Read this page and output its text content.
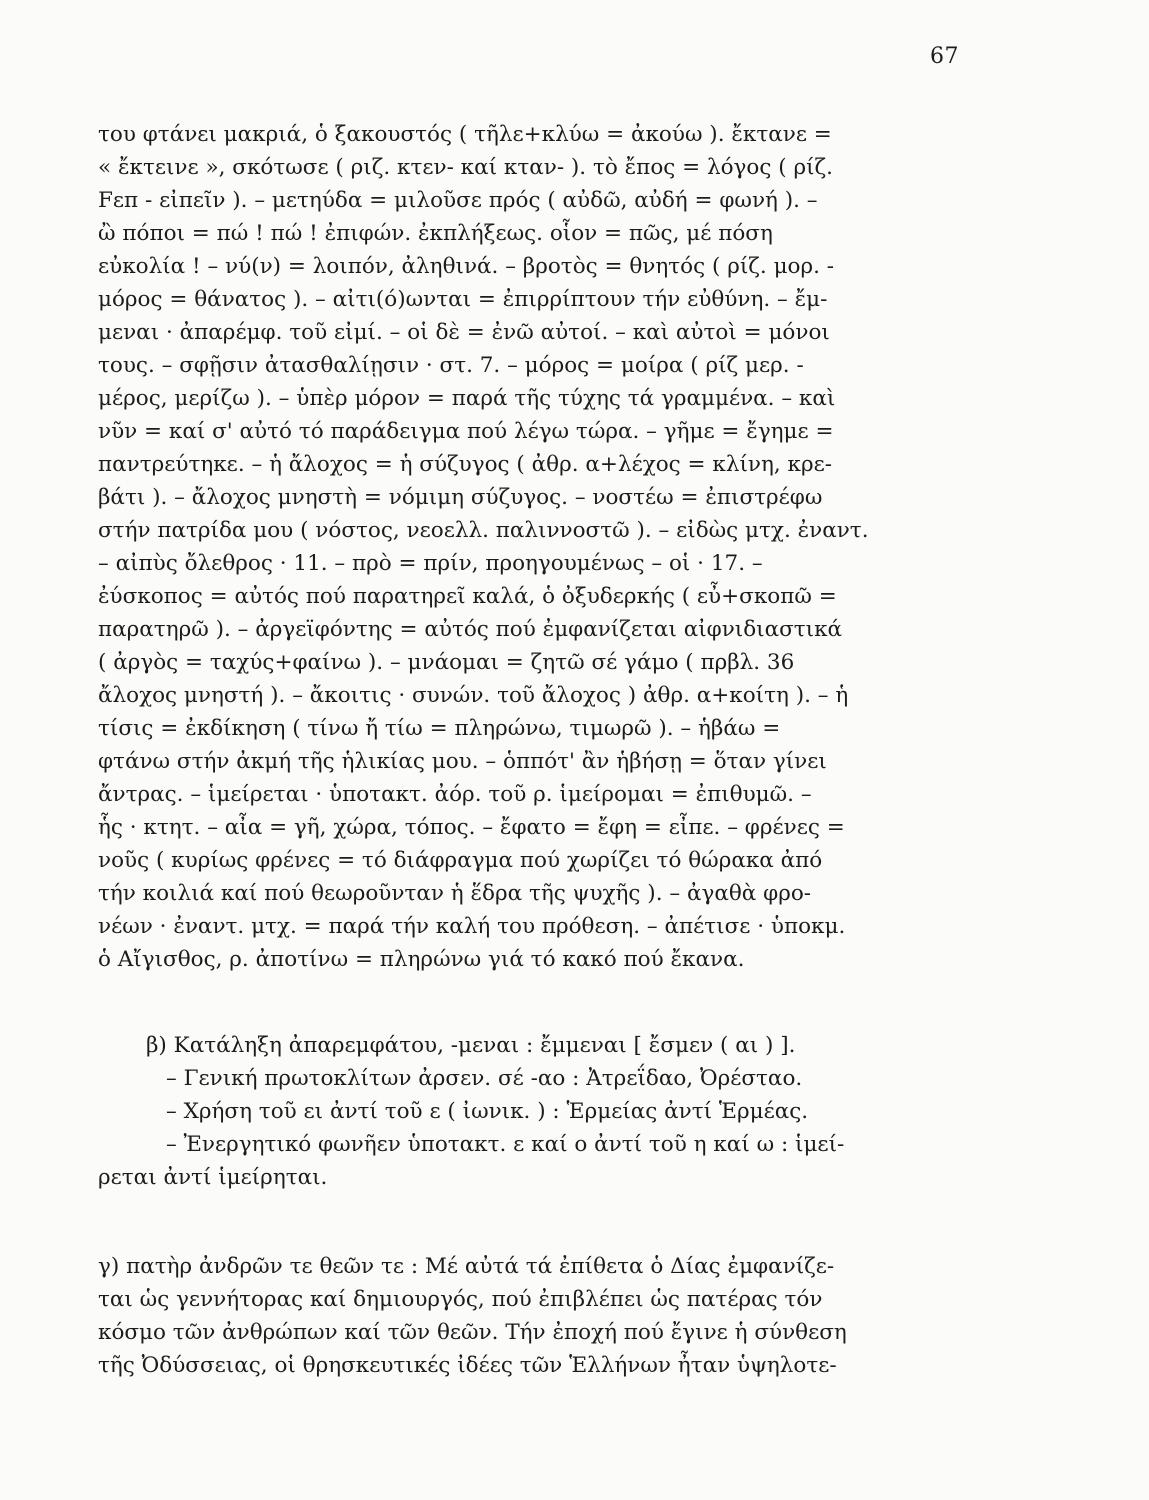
67
του φτάνει μακριά, ὁ ξακουστός ( τῆλε+κλύω = ἀκούω ). ἔκτανε =
« ἔκτεινε », σκότωσε ( ριζ. κτεν- καί κταν- ). τὸ ἔπος = λόγος ( ρίζ.
Fεπ - εἰπεῖν ). – μετηύδα = μιλοῦσε πρός ( αὐδῶ, αὐδή = φωνή ). –
ὢ πόποι = πώ ! πώ ! ἐπιφών. ἐκπλήξεως. οἷον = πῶς, μέ πόση
εὐκολία ! – νύ(ν) = λοιπόν, ἀληθινά. – βροτὸς = θνητός ( ρίζ. μορ. -
μόρος = θάνατος ). – αἰτι(ό)ωνται = ἐπιρρίπτουν τήν εὐθύνη. – ἔμ-
μεναι · ἀπαρέμφ. τοῦ εἰμί. – οἱ δὲ = ἐνῶ αὐτοί. – καὶ αὐτοὶ = μόνοι
τους. – σφῇσιν ἀτασθαλίῃσιν · στ. 7. – μόρος = μοίρα ( ρίζ μερ. -
μέρος, μερίζω ). – ὑπὲρ μόρον = παρά τῆς τύχης τά γραμμένα. – καὶ
νῦν = καί σ' αὐτό τό παράδειγμα πού λέγω τώρα. – γῆμε = ἔγημε =
παντρεύτηκε. – ἡ ἄλοχος = ἡ σύζυγος ( ἀθρ. α+λέχος = κλίνη, κρε-
βάτι ). – ἄλοχος μνηστὴ = νόμιμη σύζυγος. – νοστέω = ἐπιστρέφω
στήν πατρίδα μου ( νόστος, νεοελλ. παλιννοστῶ ). – εἰδὼς μτχ. ἐναντ.
– αἰπὺς ὄλεθρος · 11. – πρὸ = πρίν, προηγουμένως – οἱ · 17. –
ἐύσκοπος = αὐτός πού παρατηρεῖ καλά, ὁ ὀξυδερκής ( εὖ+σκοπῶ =
παρατηρῶ ). – ἀργεϊφόντης = αὐτός πού ἐμφανίζεται αἰφνιδιαστικά
( ἀργὸς = ταχύς+φαίνω ). – μνάομαι = ζητῶ σέ γάμο ( πρβλ. 36
ἄλοχος μνηστή ). – ἄκοιτις · συνών. τοῦ ἄλοχος ) ἀθρ. α+κοίτη ). – ἡ
τίσις = ἐκδίκηση ( τίνω ἤ τίω = πληρώνω, τιμωρῶ ). – ἡβάω =
φτάνω στήν ἀκμή τῆς ἡλικίας μου. – ὁππότ' ἂν ἡβήσῃ = ὅταν γίνει
ἄντρας. – ἱμείρεται · ὑποτακτ. ἀόρ. τοῦ ρ. ἱμείρομαι = ἐπιθυμῶ. –
ἧς · κτητ. – αἶα = γῆ, χώρα, τόπος. – ἔφατο = ἔφη = εἶπε. – φρένες =
νοῦς ( κυρίως φρένες = τό διάφραγμα πού χωρίζει τό θώρακα ἀπό
τήν κοιλιά καί πού θεωροῦνταν ἡ ἕδρα τῆς ψυχῆς ). – ἀγαθὰ φρο-
νέων · ἐναντ. μτχ. = παρά τήν καλή του πρόθεση. – ἀπέτισε · ὑποκμ.
ὁ Αἴγισθος, ρ. ἀποτίνω = πληρώνω γιά τό κακό πού ἔκανα.
β) Κατάληξη ἀπαρεμφάτου, -μεναι : ἔμμεναι [ ἔσμεν ( αι ) ].
– Γενική πρωτοκλίτων ἀρσεν. σέ -αο : Ἀτρεΐδαο, Ὀρέσταο.
– Χρήση τοῦ ει ἀντί τοῦ ε ( ἰωνικ. ) : Ἑρμείας ἀντί Ἑρμέας.
– Ἐνεργητικό φωνῆεν ὑποτακτ. ε καί ο ἀντί τοῦ η καί ω : ἱμεί-
ρεται ἀντί ἱμείρηται.
γ) πατὴρ ἀνδρῶν τε θεῶν τε : Μέ αὐτά τά ἐπίθετα ὁ Δίας ἐμφανίζε-
ται ὡς γεννήτορας καί δημιουργός, πού ἐπιβλέπει ὡς πατέρας τόν
κόσμο τῶν ἀνθρώπων καί τῶν θεῶν. Τήν ἐποχή πού ἔγινε ἡ σύνθεση
τῆς Ὀδύσσειας, οἱ θρησκευτικές ἰδέες τῶν Ἑλλήνων ἦταν ὑψηλοτε-
